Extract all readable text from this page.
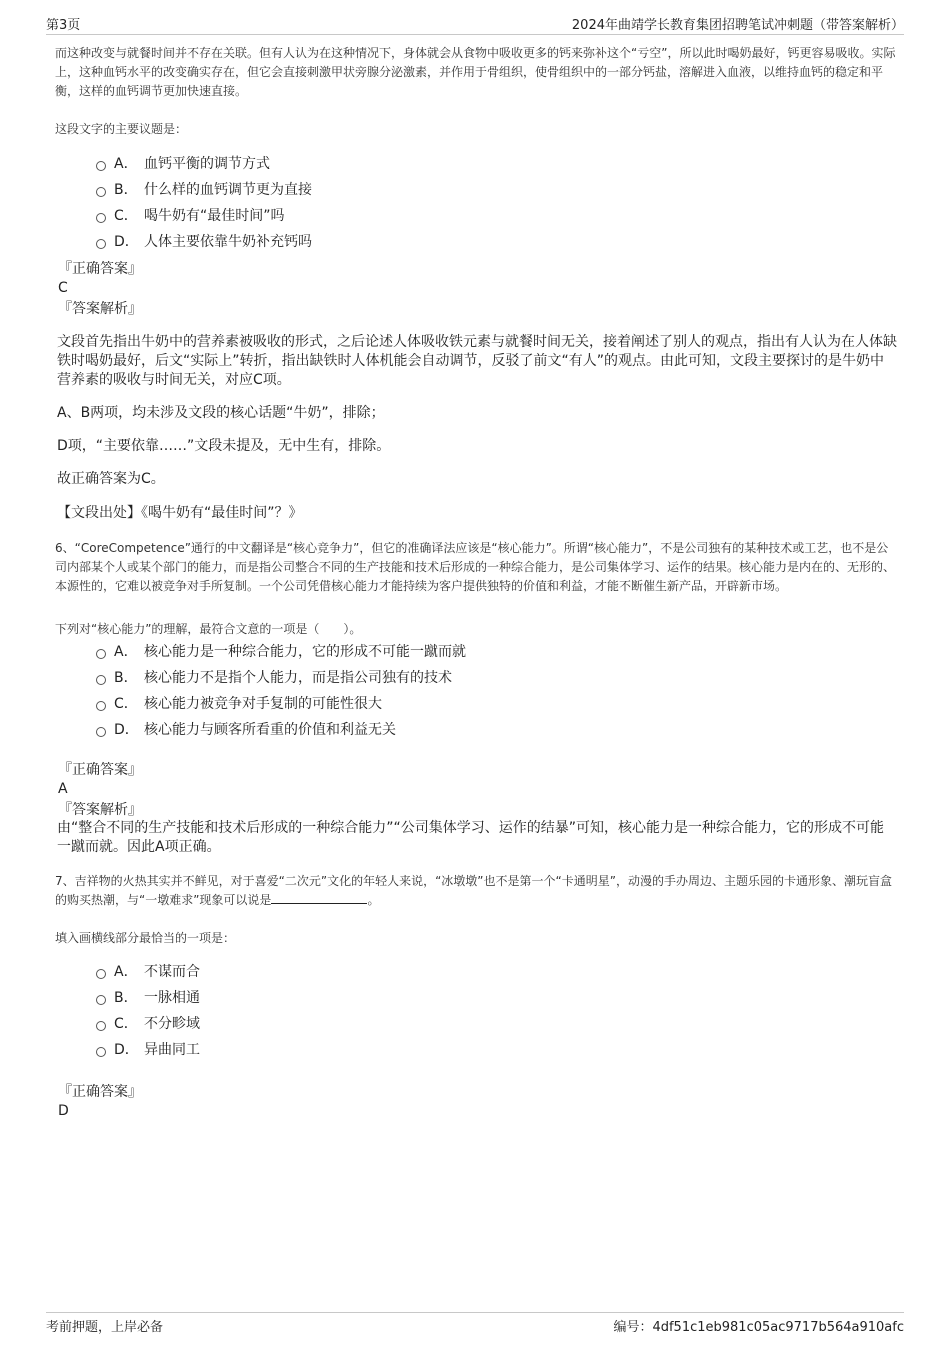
第3页	2024年曲靖学长教育集团招聘笔试冲刺题（带答案解析）

而这种改变与就餐时间并不存在关联。但有人认为在这种情况下，身体就会从食物中吸收更多的钙来弥补这个“亏空”，所以此时喝奶最好，钙更容易吸收。实际上，这种血钙水平的改变确实存在，但它会直接刺激甲状旁腺分泌激素，并作用于骨组织，使骨组织中的一部分钙盐，溶解进入血液，以维持血钙的稳定和平衡，这样的血钙调节更加快速直接。

这段文字的主要议题是：

A． 血钙平衡的调节方式
B． 什么样的血钙调节更为直接
C． 喝牛奶有“最佳时间”吗
D． 人体主要依靠牛奶补充钙吗
『正确答案』
C
『答案解析』

文段首先指出牛奶中的营养素被吸收的形式，之后论述人体吸收铁元素与就餐时间无关，接着阐述了别人的观点，指出有人认为在人体缺铁时喝奶最好，后文“实际上”转折，指出缺铁时人体机能会自动调节，反驳了前文“有人”的观点。由此可知，文段主要探讨的是牛奶中营养素的吸收与时间无关，对应C项。

A、B两项，均未涉及文段的核心话题“牛奶”，排除；

D项，“主要依靠……”文段未提及，无中生有，排除。

故正确答案为C。

【文段出处】《喝牛奶有“最佳时间”？》

6、“CoreCompetence”通行的中文翻译是“核心竞争力”，但它的准确译法应该是“核心能力”。所谓“核心能力”，不是公司独有的某种技术或工艺，也不是公司内部某个人或某个部门的能力，而是指公司整合不同的生产技能和技术后形成的一种综合能力，是公司集体学习、运作的结果。核心能力是内在的、无形的、本源性的，它难以被竞争对手所复制。一个公司凭借核心能力才能持续为客户提供独特的价值和利益，才能不断催生新产品，开辟新市场。

下列对“核心能力”的理解，最符合文意的一项是（　　）。

A． 核心能力是一种综合能力，它的形成不可能一蹴而就
B． 核心能力不是指个人能力，而是指公司独有的技术
C． 核心能力被竞争对手复制的可能性很大
D． 核心能力与顾客所看重的价值和利益无关
『正确答案』
A
『答案解析』

由“整合不同的生产技能和技术后形成的一种综合能力”“公司集体学习、运作的结暴”可知，核心能力是一种综合能力，它的形成不可能一蹴而就。因此A项正确。

7、吉祥物的火热其实并不鲜见，对于喜爱“二次元”文化的年轻人来说，“冰墩墩”也不是第一个“卡通明星”，动漫的手办周边、主题乐园的卡通形象、潮玩盲盒的购买热潮，与“一墩难求”现象可以说是	。

填入画横线部分最恰当的一项是：

A． 不谋而合
B． 一脉相通
C． 不分畛域
D． 异曲同工
『正确答案』
D
考前押题，上岸必备	编号：4df51c1eb981c05ac9717b564a910afc
